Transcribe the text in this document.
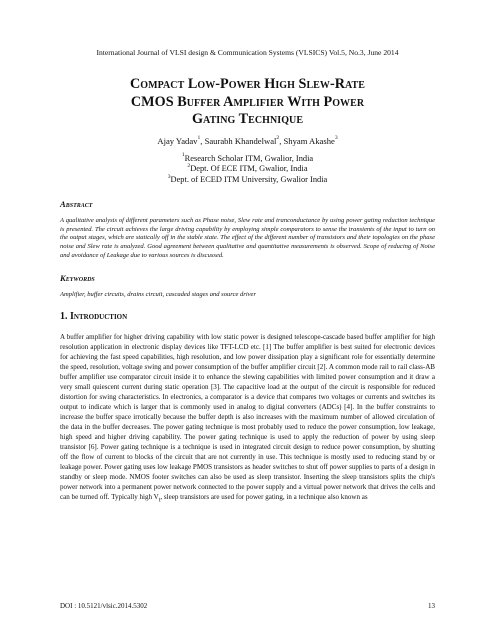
International Journal of VLSI design & Communication Systems (VLSICS) Vol.5, No.3, June 2014
Compact Low-Power High Slew-Rate
CMOS Buffer Amplifier With Power
Gating Technique
Ajay Yadav$^1$, Saurabh Khandelwal$^2$, Shyam Akashe$^3$
$^1$Research Scholar ITM, Gwalior, India
$^2$Dept. Of ECE ITM, Gwalior, India
$^3$Dept. of ECED ITM University, Gwalior India
Abstract
A qualitative analysis of different parameters such as Phase noise, Slew rate and tranconductance by using power gating reduction technique is presented. The circuit achieves the large driving capability by employing simple comparators to sense the transients of the input to turn on the output stages, which are statically off in the stable state. The effect of the different number of transistors and their topologies on the phase noise and Slew rate is analyzed. Good agreement between qualitative and quantitative measurements is observed. Scope of reducing of Noise and avoidance of Leakage due to various sources is discussed.
Keywords
Amplifier, buffer circuits, drains circuit, cascaded stages and source driver
1. Introduction
A buffer amplifier for higher driving capability with low static power is designed telescope-cascade based buffer amplifier for high resolution application in electronic display devices like TFT-LCD etc. [1] The buffer amplifier is best suited for electronic devices for achieving the fast speed capabilities, high resolution, and low power dissipation play a significant role for essentially determine the speed, resolution, voltage swing and power consumption of the buffer amplifier circuit [2]. A common mode rail to rail class-AB buffer amplifier use comparator circuit inside it to enhance the slewing capabilities with limited power consumption and it draw a very small quiescent current during static operation [3]. The capacitive load at the output of the circuit is responsible for reduced distortion for swing characteristics. In electronics, a comparator is a device that compares two voltages or currents and switches its output to indicate which is larger that is commonly used in analog to digital converters (ADCs) [4]. In the buffer constraints to increase the buffer space irrotically because the buffer depth is also increases with the maximum number of allowed circulation of the data in the buffer decreases. The power gating technique is most probably used to reduce the power consumption, low leakage, high speed and higher driving capability. The power gating technique is used to apply the reduction of power by using sleep transistor [6]. Power gating technique is a technique is used in integrated circuit design to reduce power consumption, by shutting off the flow of current to blocks of the circuit that are not currently in use. This technique is mostly used to reducing stand by or leakage power. Power gating uses low leakage PMOS transistors as header switches to shut off power supplies to parts of a design in standby or sleep mode. NMOS footer switches can also be used as sleep transistor. Inserting the sleep transistors splits the chip's power network into a permanent power network connected to the power supply and a virtual power network that drives the cells and can be turned off. Typically high $V_t$, sleep transistors are used for power gating, in a technique also known as
DOI : 10.5121/vlsic.2014.5302	13
